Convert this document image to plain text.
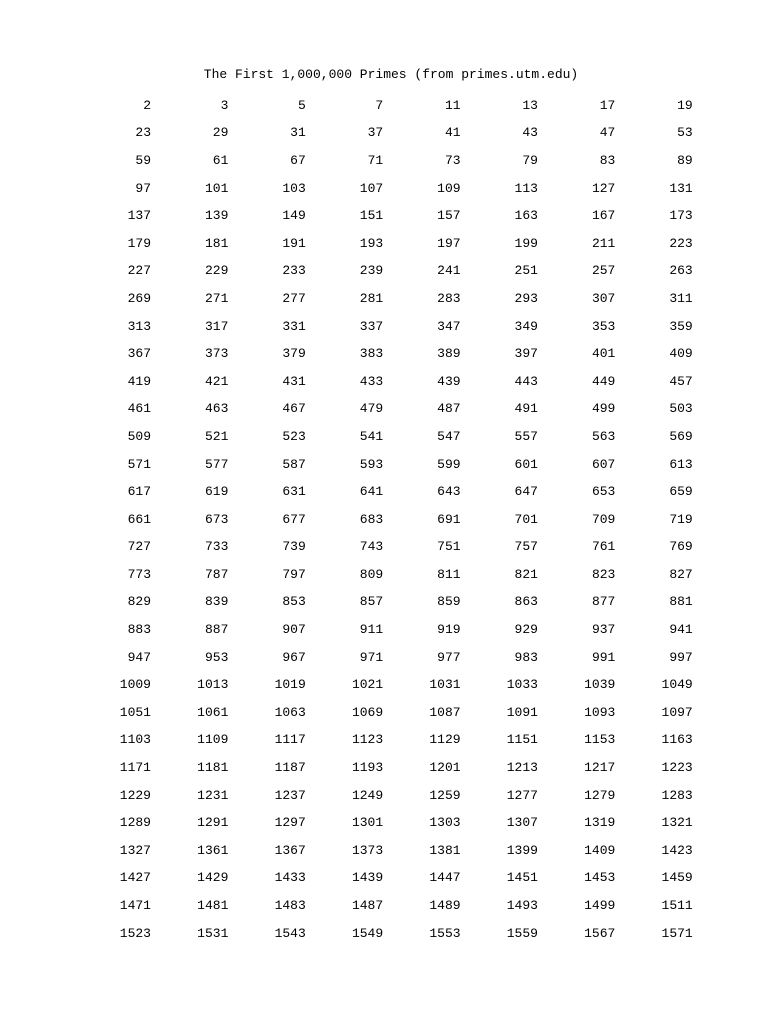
The First 1,000,000 Primes (from primes.utm.edu)
2	3	5	7	11	13	17	19
23	29	31	37	41	43	47	53
59	61	67	71	73	79	83	89
97	101	103	107	109	113	127	131
137	139	149	151	157	163	167	173
179	181	191	193	197	199	211	223
227	229	233	239	241	251	257	263
269	271	277	281	283	293	307	311
313	317	331	337	347	349	353	359
367	373	379	383	389	397	401	409
419	421	431	433	439	443	449	457
461	463	467	479	487	491	499	503
509	521	523	541	547	557	563	569
571	577	587	593	599	601	607	613
617	619	631	641	643	647	653	659
661	673	677	683	691	701	709	719
727	733	739	743	751	757	761	769
773	787	797	809	811	821	823	827
829	839	853	857	859	863	877	881
883	887	907	911	919	929	937	941
947	953	967	971	977	983	991	997
1009	1013	1019	1021	1031	1033	1039	1049
1051	1061	1063	1069	1087	1091	1093	1097
1103	1109	1117	1123	1129	1151	1153	1163
1171	1181	1187	1193	1201	1213	1217	1223
1229	1231	1237	1249	1259	1277	1279	1283
1289	1291	1297	1301	1303	1307	1319	1321
1327	1361	1367	1373	1381	1399	1409	1423
1427	1429	1433	1439	1447	1451	1453	1459
1471	1481	1483	1487	1489	1493	1499	1511
1523	1531	1543	1549	1553	1559	1567	1571
